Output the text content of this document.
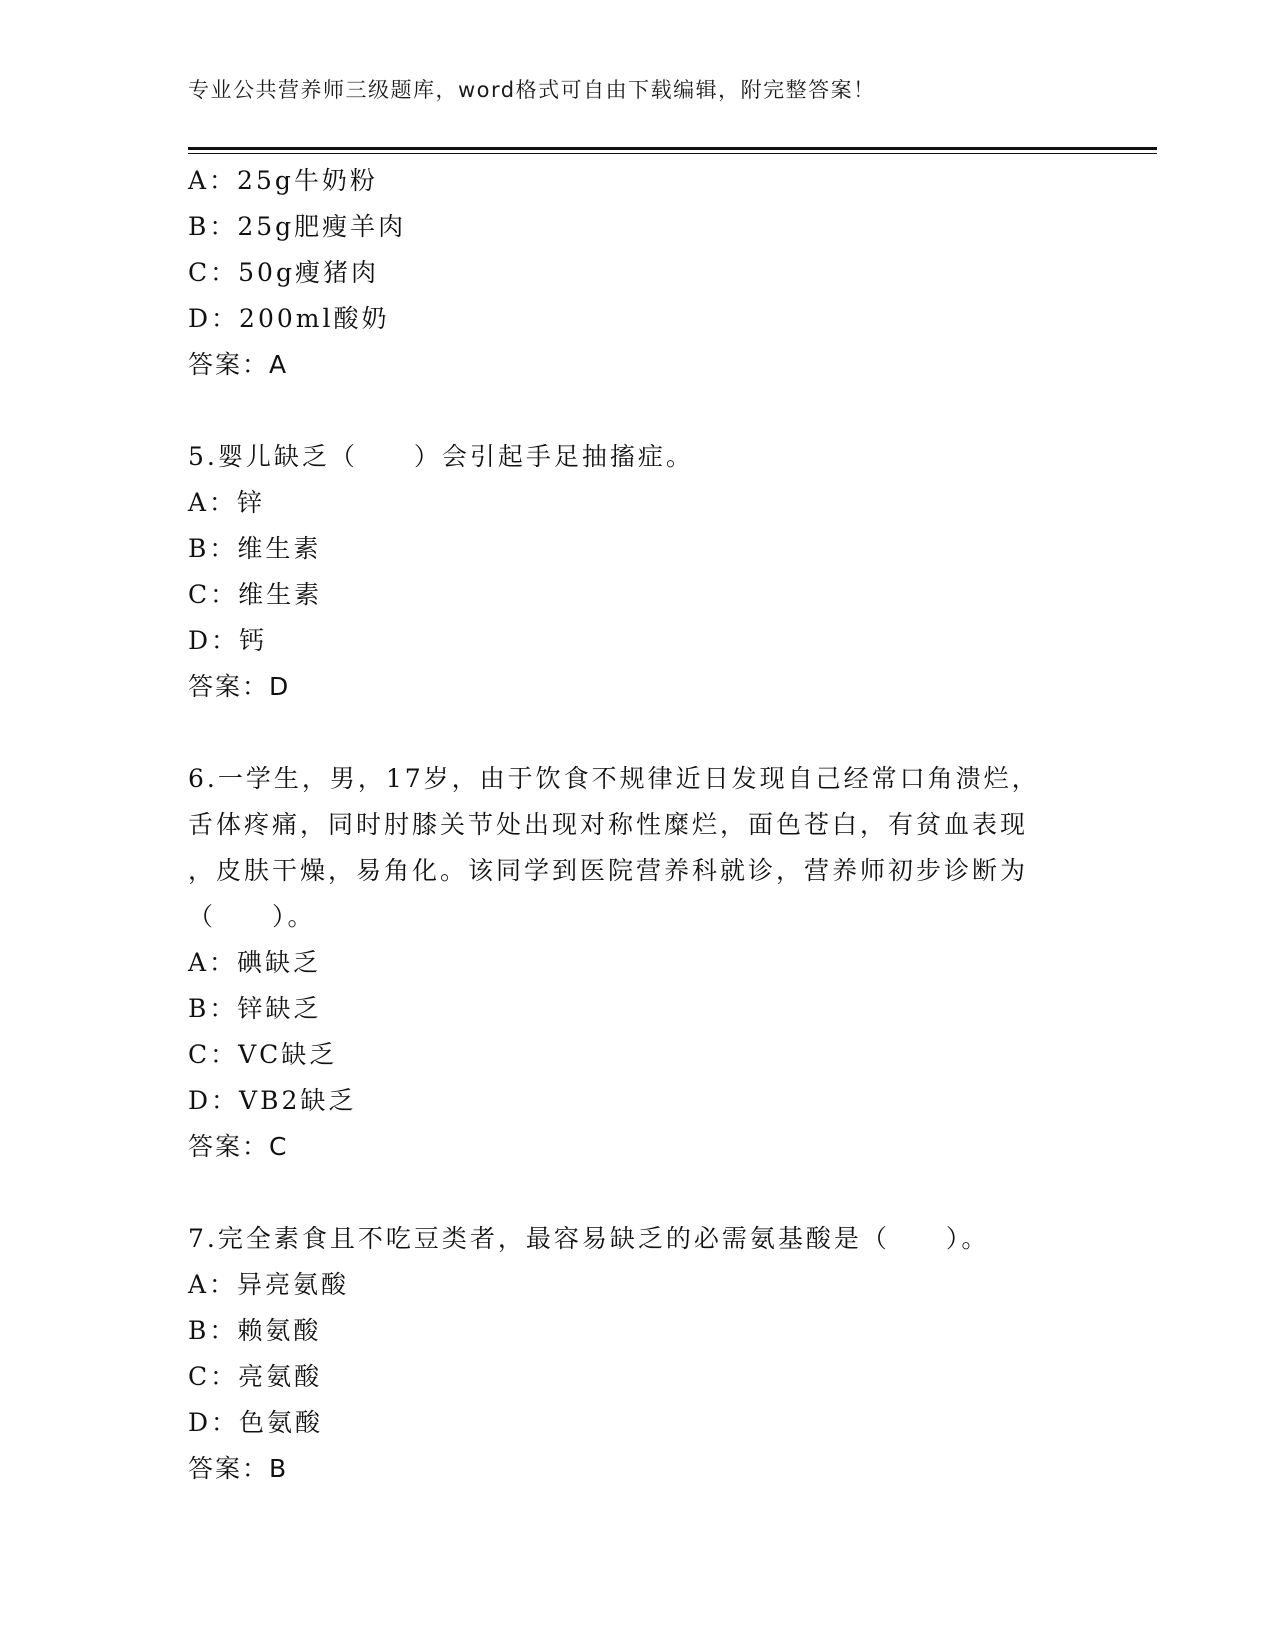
专业公共营养师三级题库，word格式可自由下载编辑，附完整答案！
A：25g牛奶粉
B：25g肥瘦羊肉
C：50g瘦猪肉
D：200ml酸奶
答案：A
5.婴儿缺乏（　　）会引起手足抽搐症。
A：锌
B：维生素
C：维生素
D：钙
答案：D
6.一学生，男，17岁，由于饮食不规律近日发现自己经常口角溃烂，
舌体疼痛，同时肘膝关节处出现对称性糜烂，面色苍白，有贫血表现
，皮肤干燥，易角化。该同学到医院营养科就诊，营养师初步诊断为
（　　）。
A：碘缺乏
B：锌缺乏
C：VC缺乏
D：VB2缺乏
答案：C
7.完全素食且不吃豆类者，最容易缺乏的必需氨基酸是（　　）。
A：异亮氨酸
B：赖氨酸
C：亮氨酸
D：色氨酸
答案：B
